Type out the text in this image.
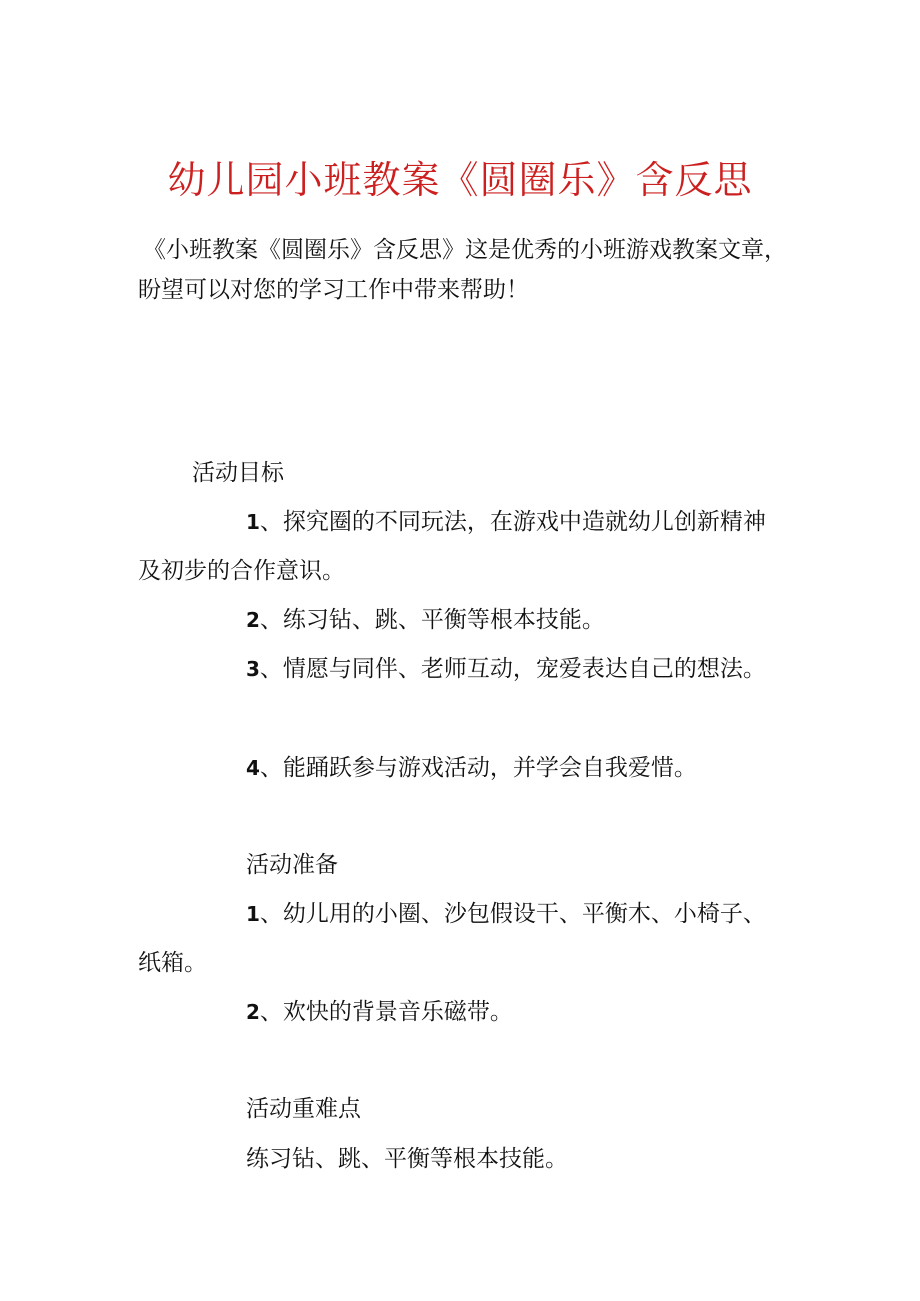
幼儿园小班教案《圆圈乐》含反思

《小班教案《圆圈乐》含反思》这是优秀的小班游戏教案文章，盼望可以对您的学习工作中带来帮助！

活动目标

1、探究圈的不同玩法，在游戏中造就幼儿创新精神及初步的合作意识。

2、练习钻、跳、平衡等根本技能。

3、情愿与同伴、老师互动，宠爱表达自己的想法。

4、能踊跃参与游戏活动，并学会自我爱惜。

活动准备

1、幼儿用的小圈、沙包假设干、平衡木、小椅子、纸箱。

2、欢快的背景音乐磁带。

活动重难点

练习钻、跳、平衡等根本技能。
